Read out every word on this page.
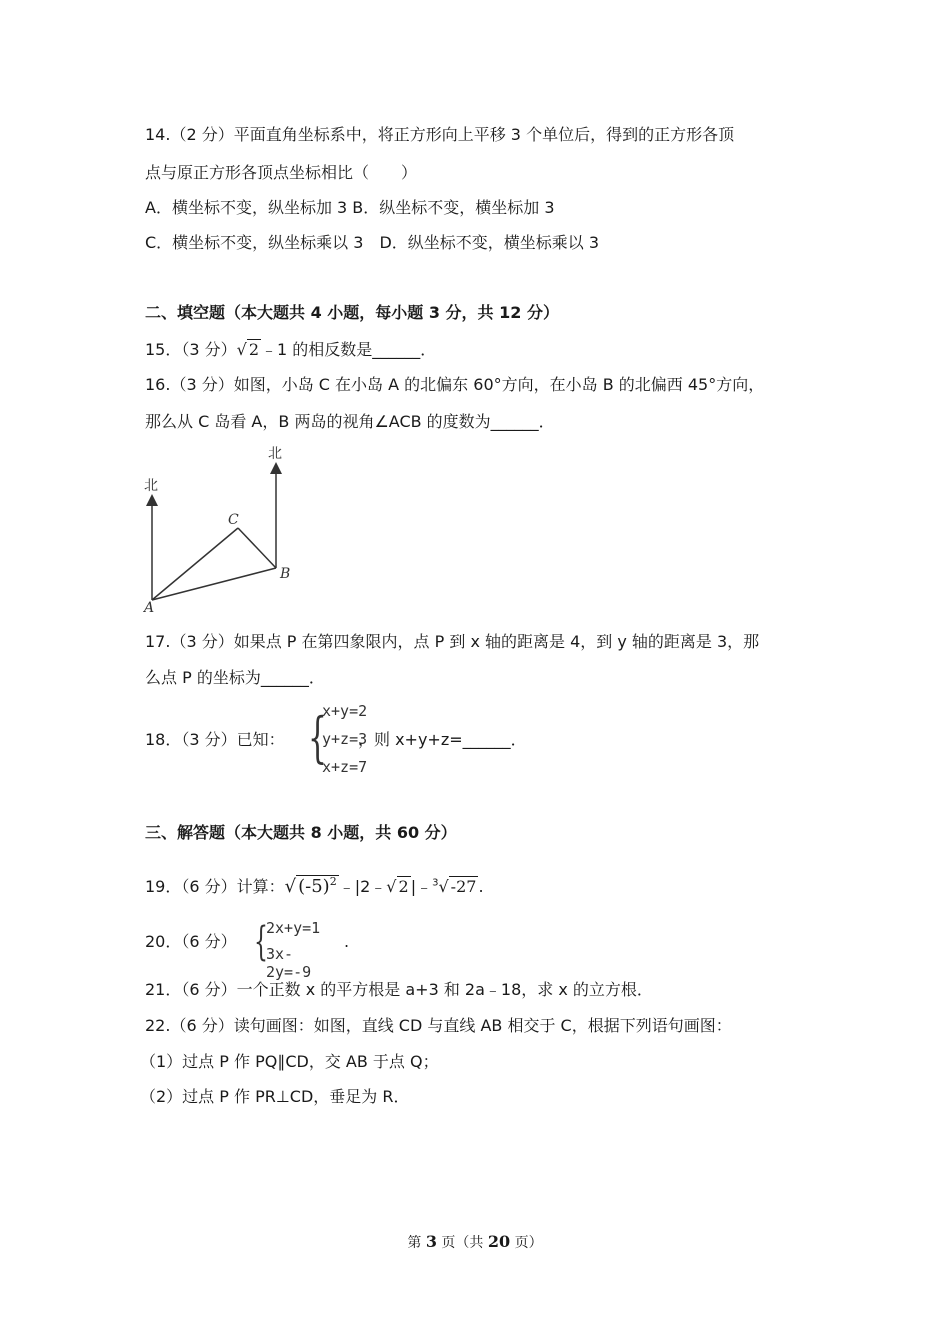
14.（2 分）平面直角坐标系中，将正方形向上平移 3 个单位后，得到的正方形各顶
点与原正方形各顶点坐标相比（　　）
A．横坐标不变，纵坐标加 3 B．纵坐标不变，横坐标加 3
C．横坐标不变，纵坐标乘以 3　D．纵坐标不变，横坐标乘以 3
二、填空题（本大题共 4 小题，每小题 3 分，共 12 分）
15．（3 分）√ 2 ﹣1 的相反数是______．
16.（3 分）如图，小岛 C 在小岛 A 的北偏东 60°方向，在小岛 B 的北偏西 45°方向，
那么从 C 岛看 A，B 两岛的视角∠ACB 的度数为______．
北
北
C
B
A
17.（3 分）如果点 P 在第四象限内，点 P 到 x 轴的距离是 4，到 y 轴的距离是 3，那
么点 P 的坐标为______．
18．（3 分）已知： {
x+y=2
y+z=3
x+z=7
，则 x+y+z=______．
三、解答题（本大题共 8 小题，共 60 分）
19．（6 分）计算：√ $(-5)^2$ ﹣|2﹣√ 2 |﹣$^3$√ -27 .
20．（6 分） {
2x+y=1
3x-2y=-9
.
21．（6 分）一个正数 x 的平方根是 a+3 和 2a﹣18，求 x 的立方根．
22.（6 分）读句画图：如图，直线 CD 与直线 AB 相交于 C，根据下列语句画图：
（1）过点 P 作 PQ∥CD，交 AB 于点 Q；
（2）过点 P 作 PR⊥CD，垂足为 R．
第 3 页（共 20 页）
